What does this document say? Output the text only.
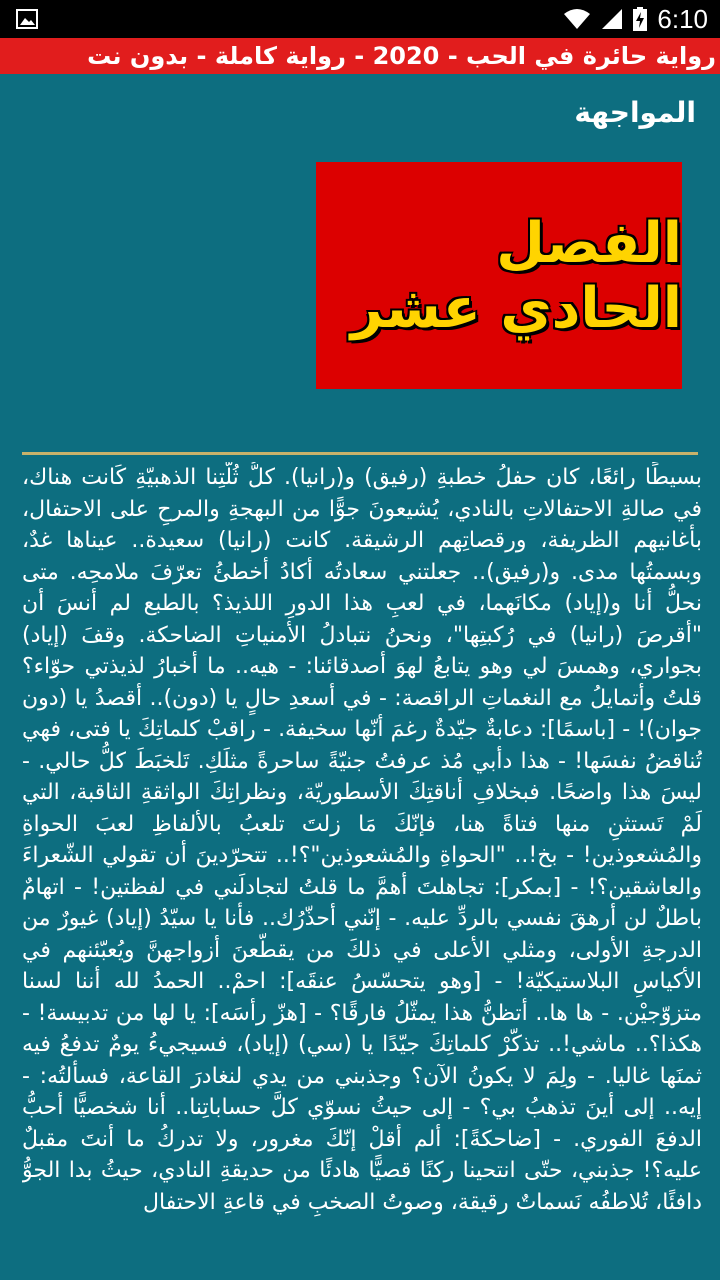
6:10
رواية حائرة في الحب - 2020 - رواية كاملة - بدون نت
المواجهة
الفصل الحادي عشر
بسيطًا رائعًا، كان حفلُ خطبةِ (رفيق) و(رانيا). كلُّ ثُلّتِنا الذهبيّةِ كَانت هناك، في صالةِ الاحتفالاتِ بالنادي، يُشيعونَ جوًّا من البهجةِ والمرحِ على الاحتفال، بأغانيهم الظريفة، ورقصاتِهم الرشيقة. كانت (رانيا) سعيدة.. عيناها غدٌ، وبسمتُها مدى. و(رفيق).. جعلتني سعادتُه أكادُ أخطئُ تعرّفَ ملامحِه. متى نحلُّ أنا و(إياد) مكانَهما، في لعبِ هذا الدورِ اللذيذ؟ بالطبع لم أنسَ أن "أقرصَ (رانيا) في رُكبتِها"، ونحنُ نتبادلُ الأمنياتِ الضاحكة. وقفَ (إياد) بجواري، وهمسَ لي وهو يتابعُ لهوَ أصدقائنا: - هيه.. ما أخبارُ لذيذتي حوّاء؟ قلتُ وأتمايلُ مع النغماتِ الراقصة: - في أسعدِ حالٍ يا (دون).. أقصدُ يا (دون جوان)! - [باسمًا]: دعابةٌ جيّدةٌ رغمَ أنّها سخيفة. - راقبْ كلماتِكَ يا فتى، فهي تُناقضُ نفسَها! - هذا دأبي مُذ عرفتُ جنيّةً ساحرةً مثلَكِ. تَلخبَطَ كلُّ حالي. - ليسَ هذا واضحًا. فبخلافِ أناقتِكَ الأسطوريّة، ونظراتِكَ الواثقةِ الثاقبة، التي لَمْ تَستثنِ منها فتاةً هنا، فإنّكَ مَا زلتَ تلعبُ بالألفاظِ لعبَ الحواةِ والمُشعوذين! - بخ!.. "الحواةِ والمُشعوذين"؟!.. تتحرّدينَ أن تقولي الشّعراءَ والعاشقين؟! - [بمكر]: تجاهلتَ أهمَّ ما قلتُ لتجادلَني في لفظتين! - اتهامٌ باطلٌ لن أرهقَ نفسي بالردِّ عليه. - إنّني أحذّرُك.. فأنا يا سيّدُ (إياد) غيورٌ من الدرجةِ الأولى، ومثلي الأعلى في ذلكَ من يقطّعنَ أزواجهنَّ ويُعبّئنهم في الأكياسِ البلاستيكيّة! - [وهو يتحسّسُ عنقَه]: احمْ.. الحمدُ لله أننا لسنا متزوّجيْن. - ها ها.. أتظنُّ هذا يمثّلُ فارقًا؟ - [هزّ رأسَه]: يا لها من تدبيسة! - هكذا؟.. ماشي!.. تذكّرْ كلماتِكَ جيّدًا يا (سي) (إياد)، فسيجيءُ يومٌ تدفعُ فيه ثمنَها غاليا. - ولِمَ لا يكونُ الآن؟ وجذبني من يدي لنغادرَ القاعة، فسألتُه: - إيه.. إلى أينَ تذهبُ بي؟ - إلى حيثُ نسوّي كلَّ حساباتِنا.. أنا شخصيًّا أحبُّ الدفعَ الفوري. - [ضاحكةً]: ألم أقلْ إنّكَ مغرور، ولا تدركُ ما أنتَ مقبلٌ عليه؟! جذبني، حتّى انتحينا ركنًا قصيًّا هادئًا من حديقةِ النادي، حيثُ بدا الجوُّ دافئًا، تُلاطفُه نَسماتٌ رقيقة، وصوتُ الصخبِ في قاعةِ الاحتفال
